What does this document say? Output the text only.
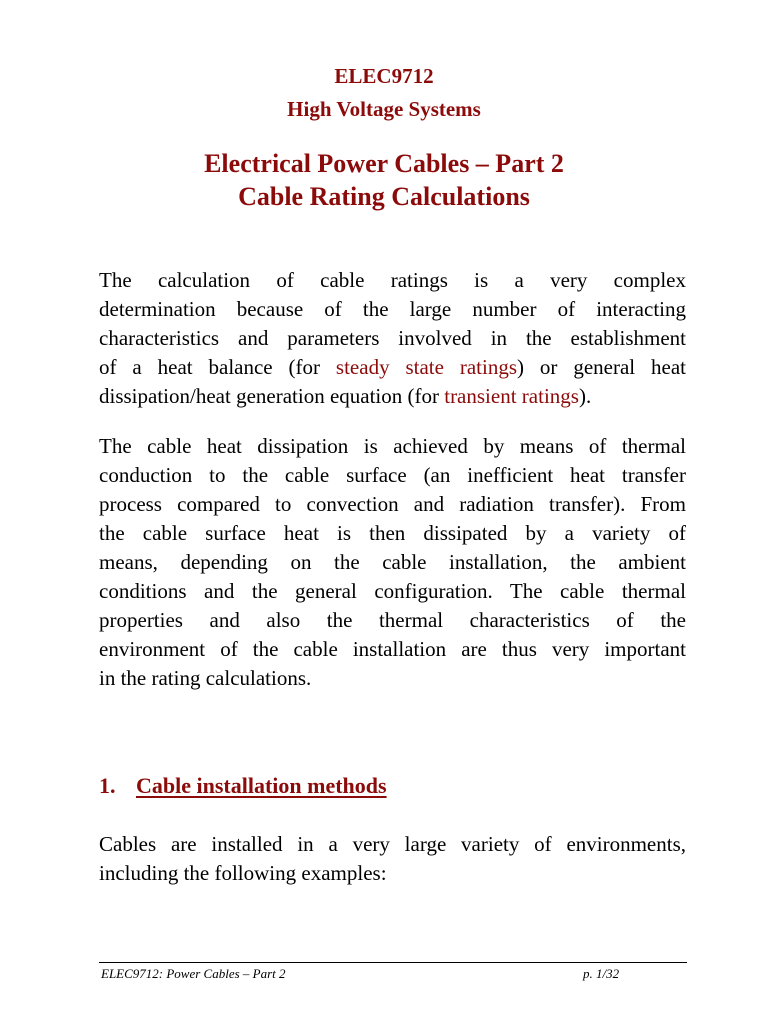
ELEC9712

High Voltage Systems

Electrical Power Cables – Part 2
Cable Rating Calculations
The calculation of cable ratings is a very complex
determination because of the large number of interacting
characteristics and parameters involved in the establishment
of a heat balance (for steady state ratings) or general heat
dissipation/heat generation equation (for transient ratings).
The cable heat dissipation is achieved by means of thermal
conduction to the cable surface (an inefficient heat transfer
process compared to convection and radiation transfer). From
the cable surface heat is then dissipated by a variety of
means, depending on the cable installation, the ambient
conditions and the general configuration. The cable thermal
properties and also the thermal characteristics of the
environment of the cable installation are thus very important
in the rating calculations.
1. Cable installation methods
Cables are installed in a very large variety of environments,
including the following examples:

ELEC9712: Power Cables – Part 2	p. 1/32
